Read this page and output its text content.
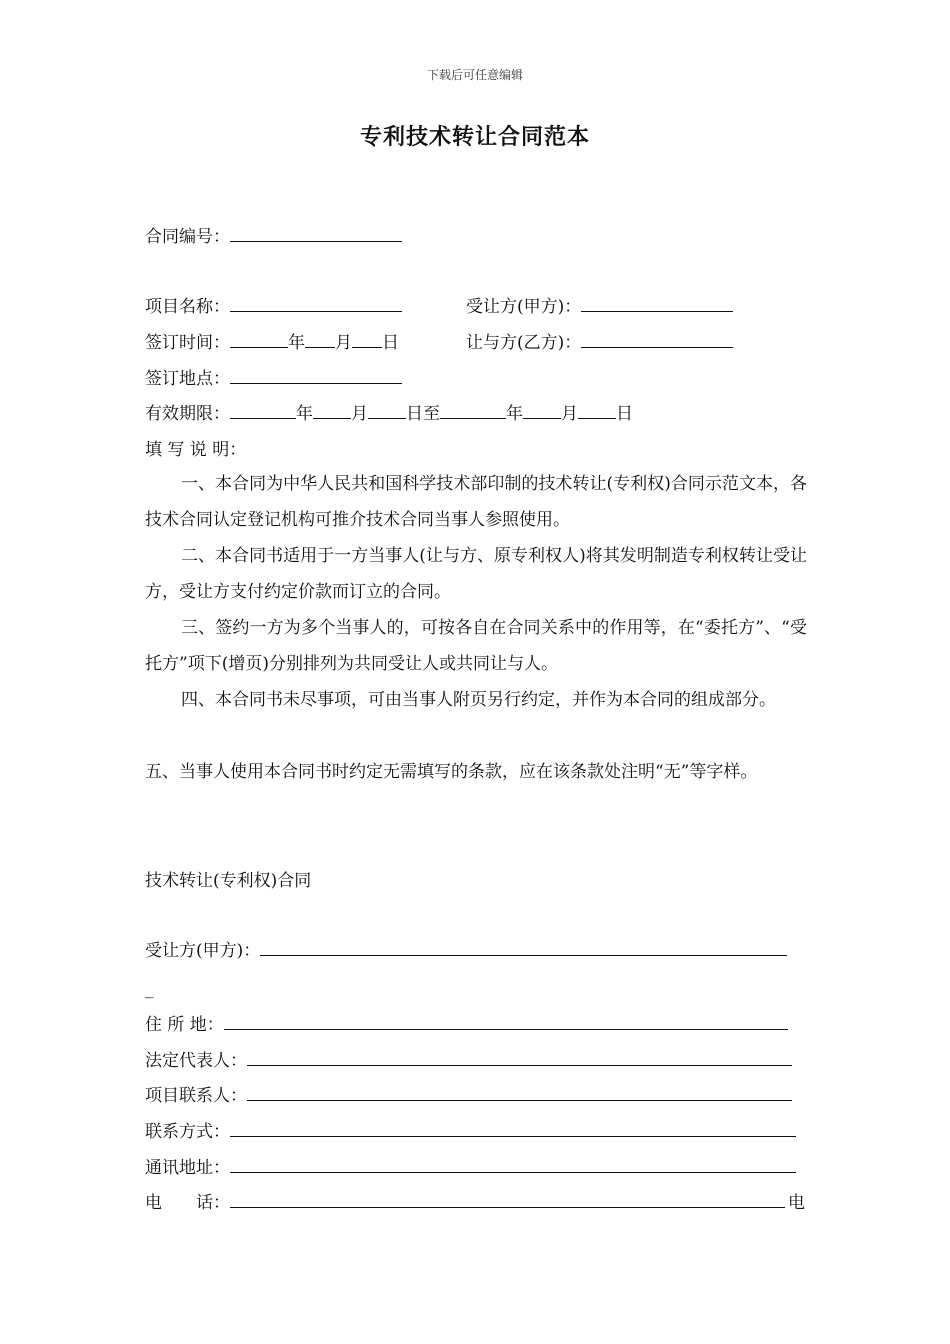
下载后可任意编辑
专利技术转让合同范本
合同编号：
项目名称：	受让方(甲方)：
签订时间：	年 月 日	让与方(乙方)：
签订地点：
有效期限：	年 月 日至	年 月 日
填 写 说 明：
一、本合同为中华人民共和国科学技术部印制的技术转让(专利权)合同示范文本，各技术合同认定登记机构可推介技术合同当事人参照使用。
二、本合同书适用于一方当事人(让与方、原专利权人)将其发明制造专利权转让受让方，受让方支付约定价款而订立的合同。
三、签约一方为多个当事人的，可按各自在合同关系中的作用等，在“委托方”、“受托方”项下(增页)分别排列为共同受让人或共同让与人。
四、本合同书未尽事项，可由当事人附页另行约定，并作为本合同的组成部分。
五、当事人使用本合同书时约定无需填写的条款，应在该条款处注明“无”等字样。
技术转让(专利权)合同
受让方(甲方)：
_
住 所 地：
法定代表人：
项目联系人：
联系方式：
通讯地址：
电　　话：	电
